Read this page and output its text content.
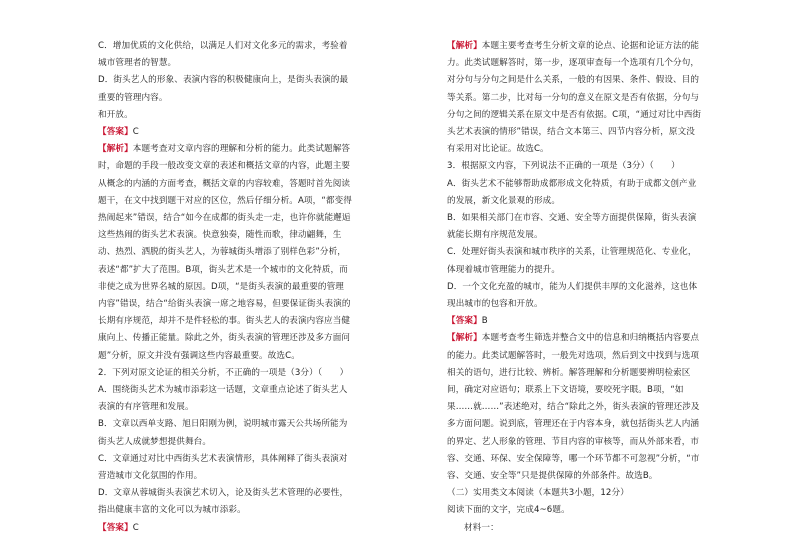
C．增加优质的文化供给，以满足人们对文化多元的需求，考验着城市管理者的智慧。

D．街头艺人的形象、表演内容的积极健康向上，是街头表演的最重要的管理内容。

和开放。

【答案】C

【解析】本题考查对文章内容的理解和分析的能力。此类试题解答时，命题的手段一般改变文章的表述和概括文章的内容，此题主要从概念的内涵的方面考查，概括文章的内容较难，答题时首先阅读题干，在文中找到题干对应的区位，然后仔细分析。A项，“都变得热闹起来”错误，结合“如今在成都的街头走一走，也许你就能邂逅这些热闹的街头艺术表演。快意独奏，随性而歌，律动翩舞，生动、热烈、洒脱的街头艺人，为蓉城街头增添了别样色彩”分析，表述“都”扩大了范围。B项，街头艺术是一个城市的文化特质，而非使之成为世界名城的原因。D项，“是街头表演的最重要的管理内容”错误，结合“给街头表演一席之地容易，但要保证街头表演的长期有序规范，却并不是件轻松的事。街头艺人的表演内容应当健康向上、传播正能量。除此之外，街头表演的管理还涉及多方面问题”分析，原文并没有强调这些内容最重要。故选C。

2．下列对原文论证的相关分析，不正确的一项是（3分）（　　）

A．围绕街头艺术为城市添彩这一话题，文章重点论述了街头艺人表演的有序管理和发展。

B．文章以西单支路、旭日阳刚为例，说明城市露天公共场所能为街头艺人成就梦想提供舞台。

C．文章通过对比中西街头艺术表演情形，具体阐释了街头表演对营造城市文化氛围的作用。

D．文章从蓉城街头表演艺术切入，论及街头艺术管理的必要性，指出健康丰富的文化可以为城市添彩。

【答案】C

【解析】本题主要考查考生分析文章的论点、论据和论证方法的能力。此类试题解答时，第一步，逐项审查每一个选项有几个分句，对分句与分句之间是什么关系，一般的有因果、条件、假设、目的等关系。第二步，比对每一分句的意义在原文是否有依据，分句与分句之间的逻辑关系在原文中是否有依据。C项，“通过对比中西街头艺术表演的情形”错误，结合文本第三、四节内容分析，原文没有采用对比论证。故选C。

3．根据原文内容，下列说法不正确的一项是（3分）（　　）

A．街头艺术不能够帮助成都形成文化特质，有助于成都文创产业的发展，新文化景观的形成。

B．如果相关部门在市容、交通、安全等方面提供保障，街头表演就能长期有序规范发展。

C．处理好街头表演和城市秩序的关系，让管理规范化、专业化，体现着城市管理能力的提升。

D．一个文化充盈的城市，能为人们提供丰厚的文化滋养，这也体现出城市的包容和开放。

【答案】B

【解析】本题考查考生筛选并整合文中的信息和归纳概括内容要点的能力。此类试题解答时，一般先对选项，然后到文中找到与选项相关的语句，进行比较、辨析。解答理解和分析题要辨明检索区间，确定对应语句；联系上下文语境，要咬死字眼。B项，“如果……就……”表述绝对，结合“除此之外，街头表演的管理还涉及多方面问题。说到底，管理还在于内容本身，就包括街头艺人内涵的界定、艺人形象的管理、节目内容的审核等，而从外部来看，市容、交通、环保、安全保障等，哪一个环节都不可忽视”分析，“市容、交通、安全等”只是提供保障的外部条件。故选B。

（二）实用类文本阅读（本题共3小题，12分）

阅读下面的文字，完成4~6题。

材料一：
